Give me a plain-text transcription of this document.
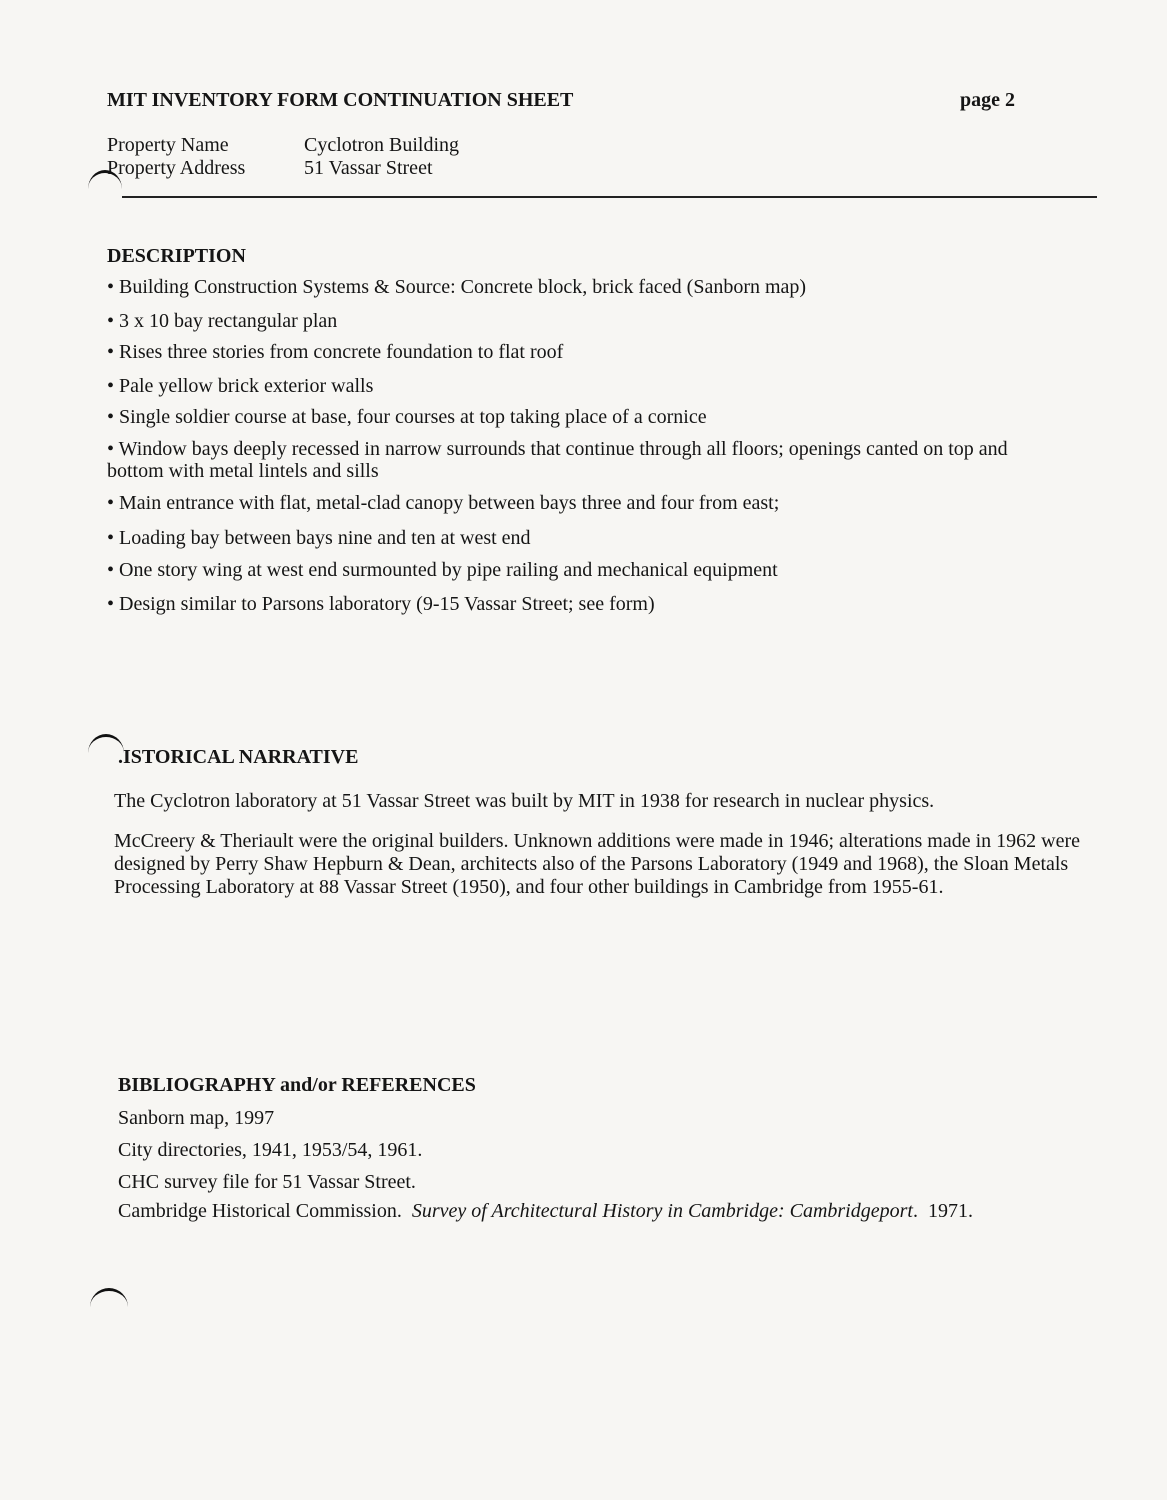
MIT INVENTORY FORM CONTINUATION SHEET	page 2
Property Name	Cyclotron Building
Property Address	51 Vassar Street
DESCRIPTION
• Building Construction Systems & Source: Concrete block, brick faced (Sanborn map)
• 3 x 10 bay rectangular plan
• Rises three stories from concrete foundation to flat roof
• Pale yellow brick exterior walls
• Single soldier course at base, four courses at top taking place of a cornice
• Window bays deeply recessed in narrow surrounds that continue through all floors; openings canted on top and bottom with metal lintels and sills
• Main entrance with flat, metal-clad canopy between bays three and four from east;
• Loading bay between bays nine and ten at west end
• One story wing at west end surmounted by pipe railing and mechanical equipment
• Design similar to Parsons laboratory (9-15 Vassar Street; see form)
.ISTORICAL NARRATIVE
The Cyclotron laboratory at 51 Vassar Street was built by MIT in 1938 for research in nuclear physics.
McCreery & Theriault were the original builders. Unknown additions were made in 1946; alterations made in 1962 were designed by Perry Shaw Hepburn & Dean, architects also of the Parsons Laboratory (1949 and 1968), the Sloan Metals Processing Laboratory at 88 Vassar Street (1950), and four other buildings in Cambridge from 1955-61.
BIBLIOGRAPHY and/or REFERENCES
Sanborn map, 1997
City directories, 1941, 1953/54, 1961.
CHC survey file for 51 Vassar Street.
Cambridge Historical Commission.  Survey of Architectural History in Cambridge: Cambridgeport.  1971.
